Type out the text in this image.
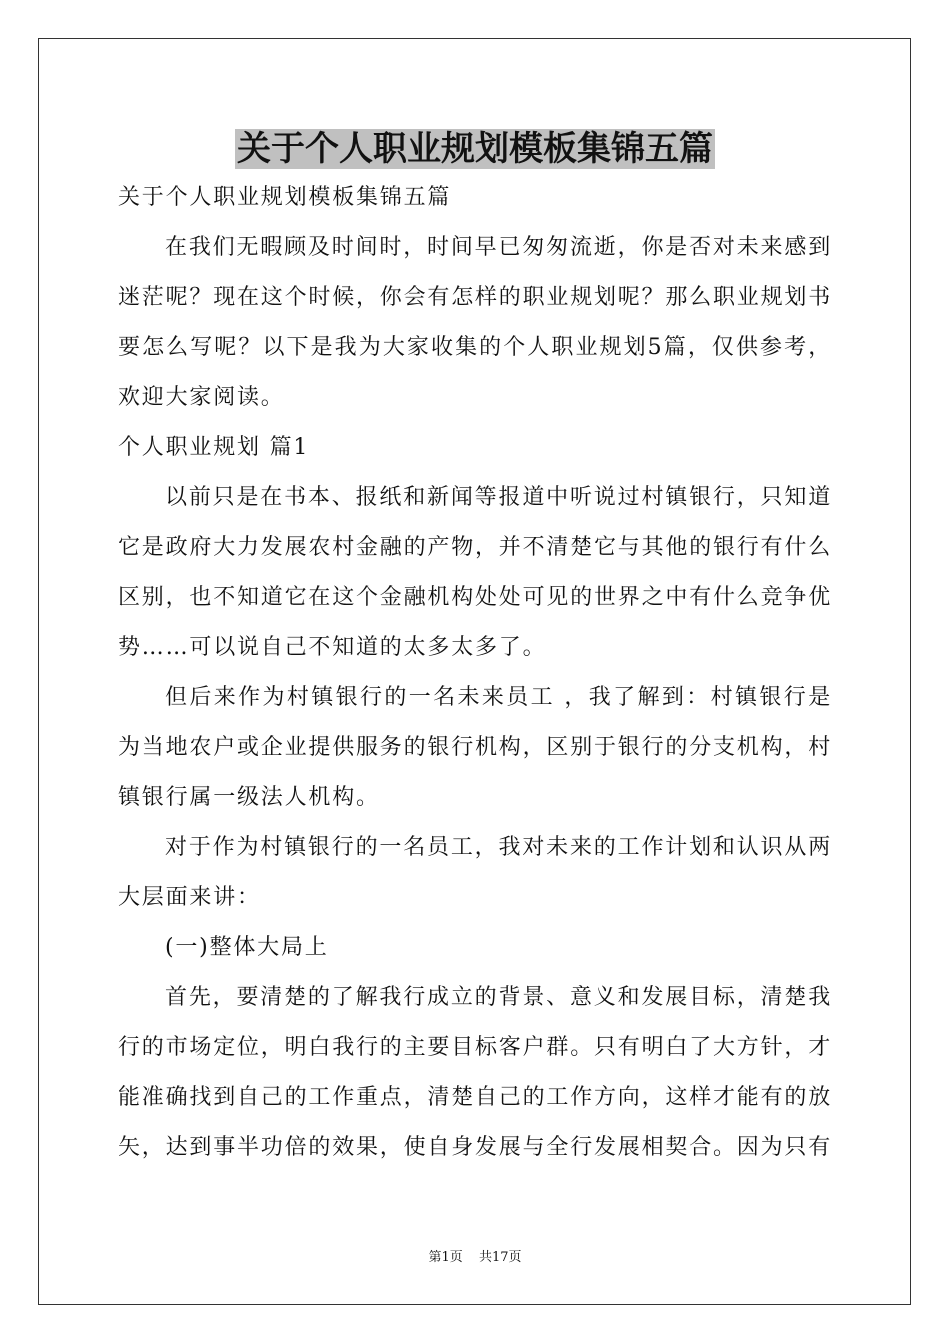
关于个人职业规划模板集锦五篇

关于个人职业规划模板集锦五篇

在我们无暇顾及时间时，时间早已匆匆流逝，你是否对未来感到迷茫呢？现在这个时候，你会有怎样的职业规划呢？那么职业规划书要怎么写呢？以下是我为大家收集的个人职业规划5篇，仅供参考，欢迎大家阅读。

个人职业规划 篇1

以前只是在书本、报纸和新闻等报道中听说过村镇银行，只知道它是政府大力发展农村金融的产物，并不清楚它与其他的银行有什么区别，也不知道它在这个金融机构处处可见的世界之中有什么竞争优势……可以说自己不知道的太多太多了。

但后来作为村镇银行的一名未来员工 ，我了解到：村镇银行是为当地农户或企业提供服务的银行机构，区别于银行的分支机构，村镇银行属一级法人机构。

对于作为村镇银行的一名员工，我对未来的工作计划和认识从两大层面来讲：

(一)整体大局上

首先，要清楚的了解我行成立的背景、意义和发展目标，清楚我行的市场定位，明白我行的主要目标客户群。只有明白了大方针，才能准确找到自己的工作重点，清楚自己的工作方向，这样才能有的放矢，达到事半功倍的效果，使自身发展与全行发展相契合。因为只有

第1页 共17页
